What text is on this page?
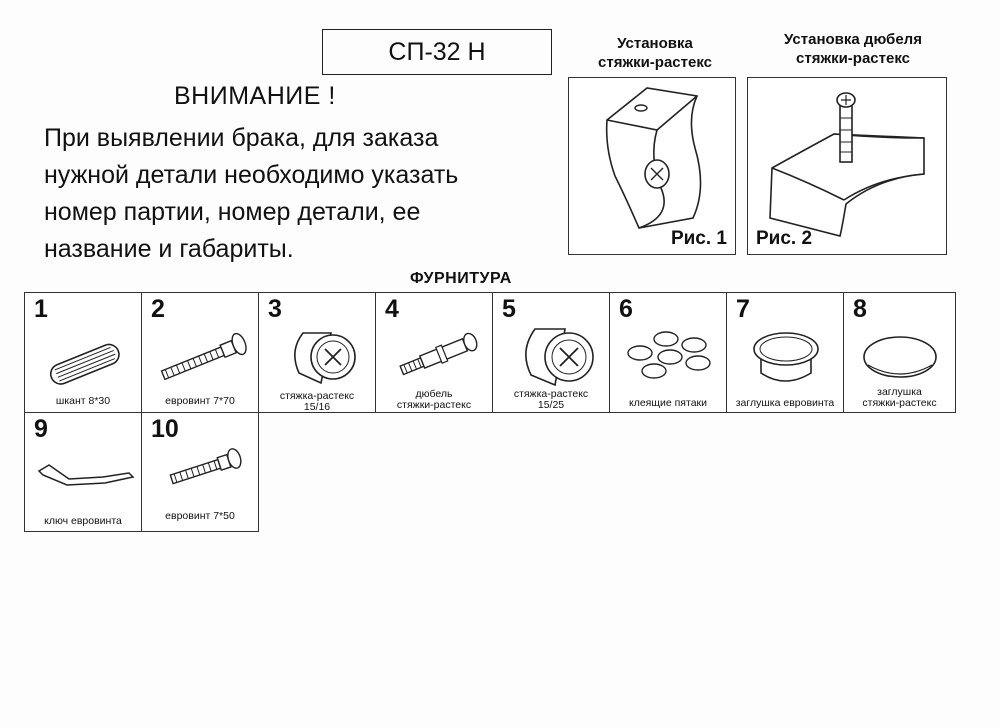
СП-32 Н
ВНИМАНИЕ !

При выявлении брака, для заказа
нужной детали необходимо указать
номер партии, номер детали, ее
название и габариты.

Установка
стяжки-растекс
Рис. 1
Установка дюбеля
стяжки-растекс
Рис. 2
ФУРНИТУРА
1
шкант 8*30
2
евровинт 7*70
3
стяжка-растекс
15/16
4
дюбель
стяжки-растекс
5
стяжка-растекс
15/25
6
клеящие пятаки
7
заглушка евровинта
8
заглушка
стяжки-растекс
9
ключ евровинта
10
евровинт 7*50
